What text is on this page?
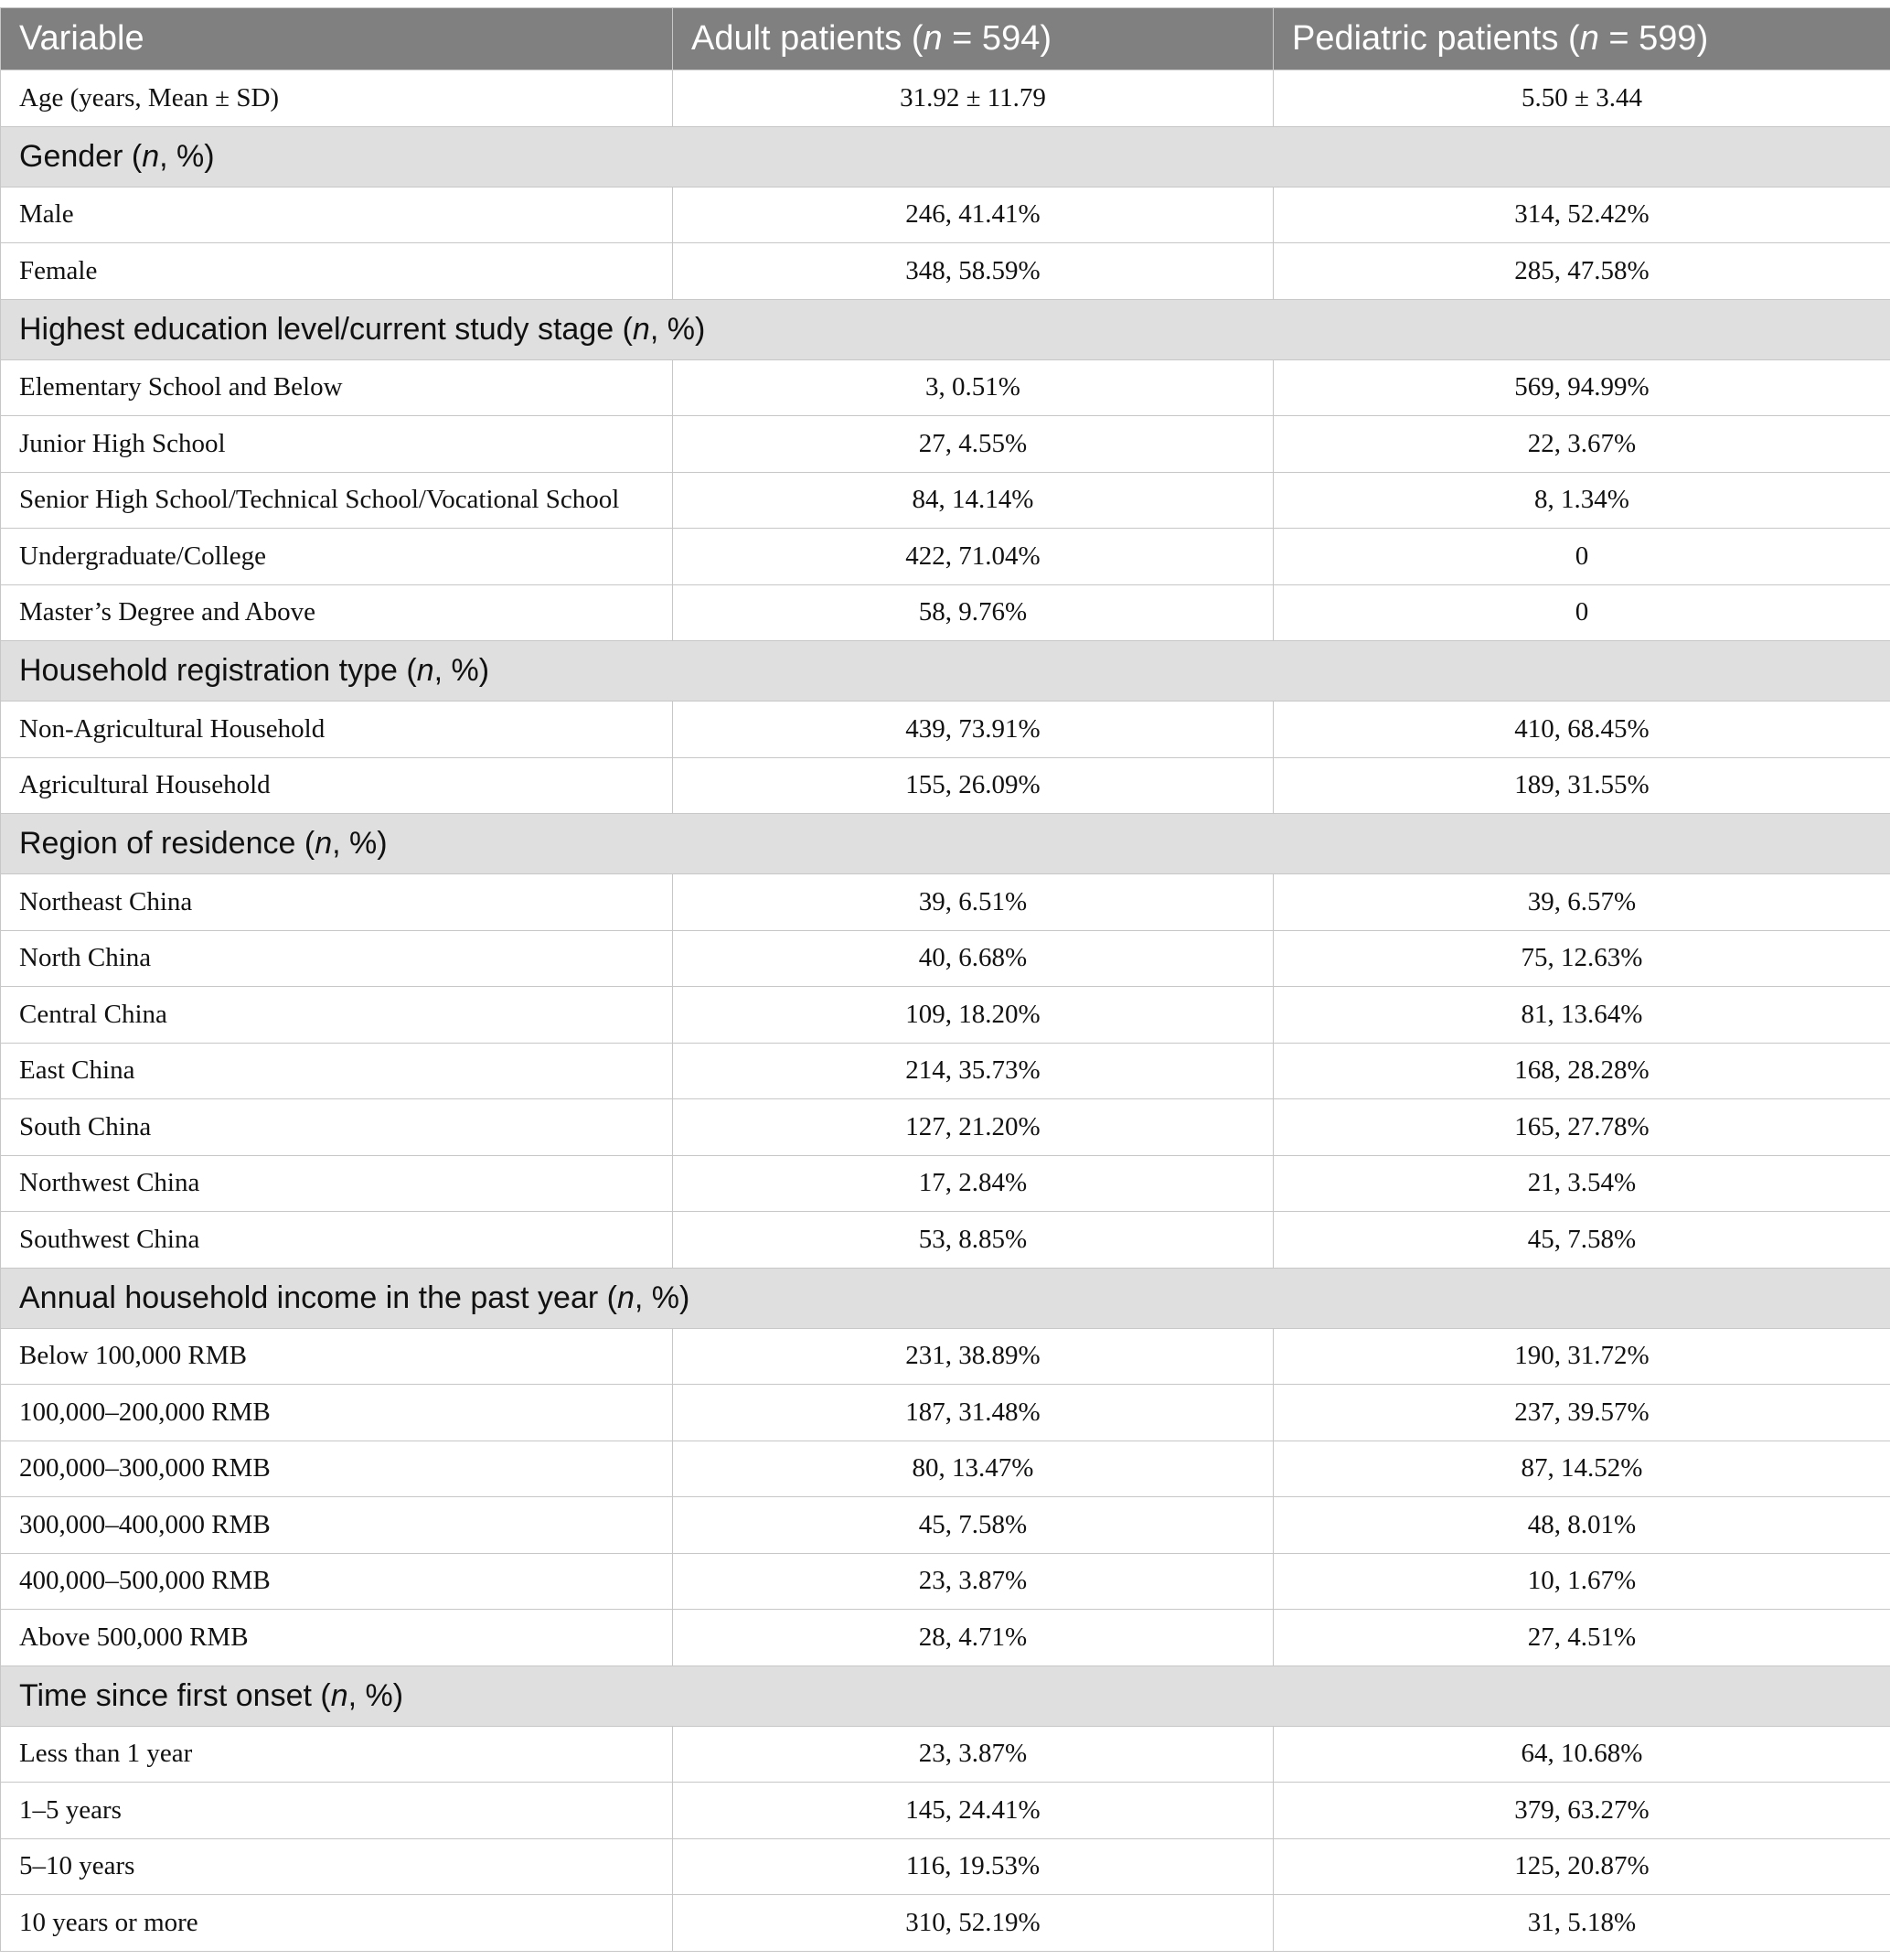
Variable	Adult patients (n = 594)	Pediatric patients (n = 599)
Age (years, Mean ± SD)	31.92 ± 11.79	5.50 ± 3.44
Gender (n, %)		
Male	246, 41.41%	314, 52.42%
Female	348, 58.59%	285, 47.58%
Highest education level/current study stage (n, %)		
Elementary School and Below	3, 0.51%	569, 94.99%
Junior High School	27, 4.55%	22, 3.67%
Senior High School/Technical School/Vocational School	84, 14.14%	8, 1.34%
Undergraduate/College	422, 71.04%	0
Master’s Degree and Above	58, 9.76%	0
Household registration type (n, %)		
Non-Agricultural Household	439, 73.91%	410, 68.45%
Agricultural Household	155, 26.09%	189, 31.55%
Region of residence (n, %)		
Northeast China	39, 6.51%	39, 6.57%
North China	40, 6.68%	75, 12.63%
Central China	109, 18.20%	81, 13.64%
East China	214, 35.73%	168, 28.28%
South China	127, 21.20%	165, 27.78%
Northwest China	17, 2.84%	21, 3.54%
Southwest China	53, 8.85%	45, 7.58%
Annual household income in the past year (n, %)		
Below 100,000 RMB	231, 38.89%	190, 31.72%
100,000–200,000 RMB	187, 31.48%	237, 39.57%
200,000–300,000 RMB	80, 13.47%	87, 14.52%
300,000–400,000 RMB	45, 7.58%	48, 8.01%
400,000–500,000 RMB	23, 3.87%	10, 1.67%
Above 500,000 RMB	28, 4.71%	27, 4.51%
Time since first onset (n, %)		
Less than 1 year	23, 3.87%	64, 10.68%
1–5 years	145, 24.41%	379, 63.27%
5–10 years	116, 19.53%	125, 20.87%
10 years or more	310, 52.19%	31, 5.18%
